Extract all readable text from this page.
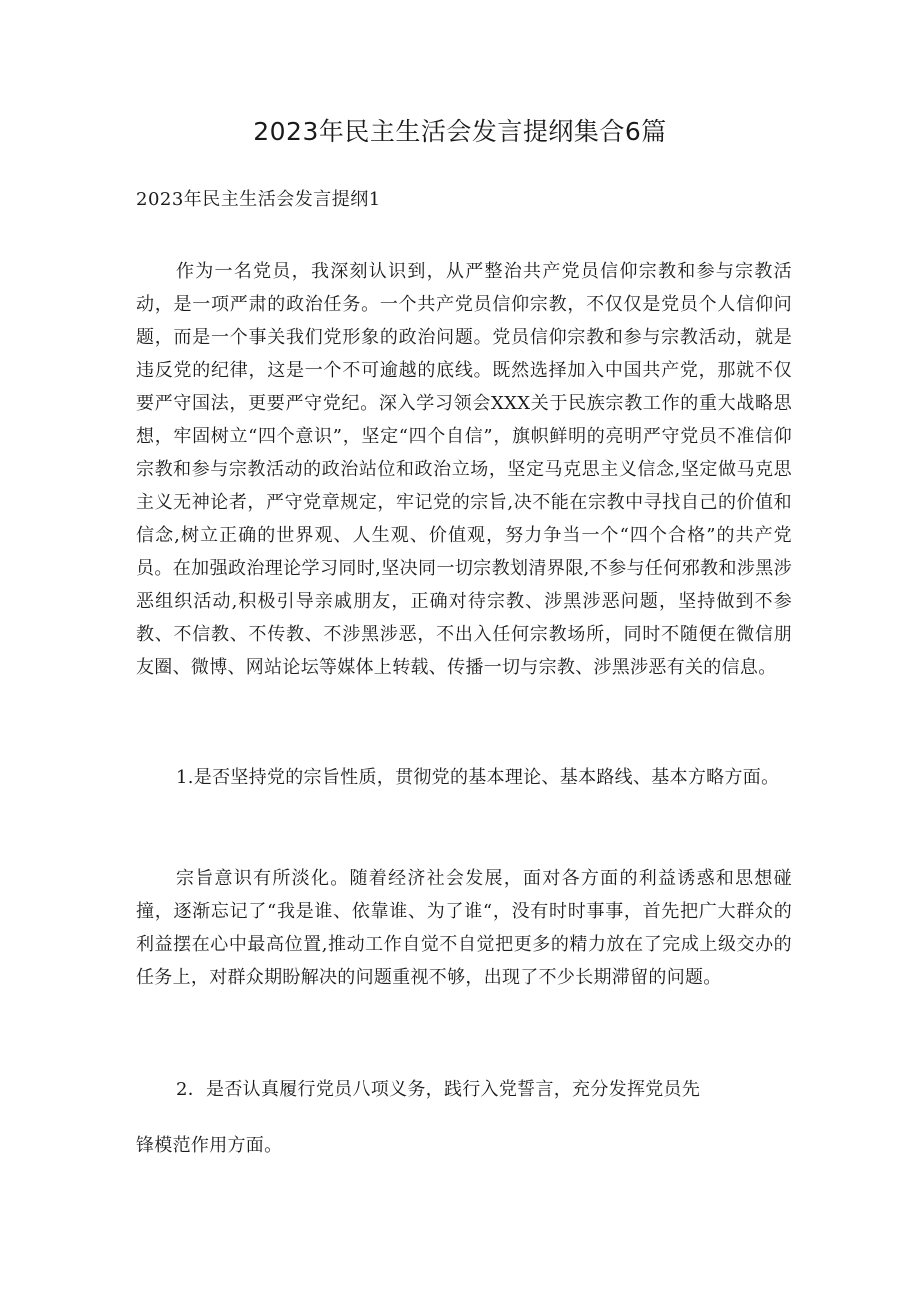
2023年民主生活会发言提纲集合6篇

2023年民主生活会发言提纲1

作为一名党员，我深刻认识到，从严整治共产党员信仰宗教和参与宗教活动，是一项严肃的政治任务。一个共产党员信仰宗教，不仅仅是党员个人信仰问题，而是一个事关我们党形象的政治问题。党员信仰宗教和参与宗教活动，就是违反党的纪律，这是一个不可逾越的底线。既然选择加入中国共产党，那就不仅要严守国法，更要严守党纪。深入学习领会XXX关于民族宗教工作的重大战略思想，牢固树立“四个意识”，坚定“四个自信”，旗帜鲜明的亮明严守党员不准信仰宗教和参与宗教活动的政治站位和政治立场，坚定马克思主义信念,坚定做马克思主义无神论者，严守党章规定，牢记党的宗旨,决不能在宗教中寻找自己的价值和信念,树立正确的世界观、人生观、价值观，努力争当一个“四个合格”的共产党员。在加强政治理论学习同时,坚决同一切宗教划清界限,不参与任何邪教和涉黑涉恶组织活动,积极引导亲戚朋友，正确对待宗教、涉黑涉恶问题，坚持做到不参教、不信教、不传教、不涉黑涉恶，不出入任何宗教场所，同时不随便在微信朋友圈、微博、网站论坛等媒体上转载、传播一切与宗教、涉黑涉恶有关的信息。

1.是否坚持党的宗旨性质，贯彻党的基本理论、基本路线、基本方略方面。

宗旨意识有所淡化。随着经济社会发展，面对各方面的利益诱惑和思想碰撞，逐渐忘记了“我是谁、依靠谁、为了谁“，没有时时事事，首先把广大群众的利益摆在心中最高位置,推动工作自觉不自觉把更多的精力放在了完成上级交办的任务上，对群众期盼解决的问题重视不够，出现了不少长期滞留的问题。

2．是否认真履行党员八项义务，践行入党誓言，充分发挥党员先

锋模范作用方面。
